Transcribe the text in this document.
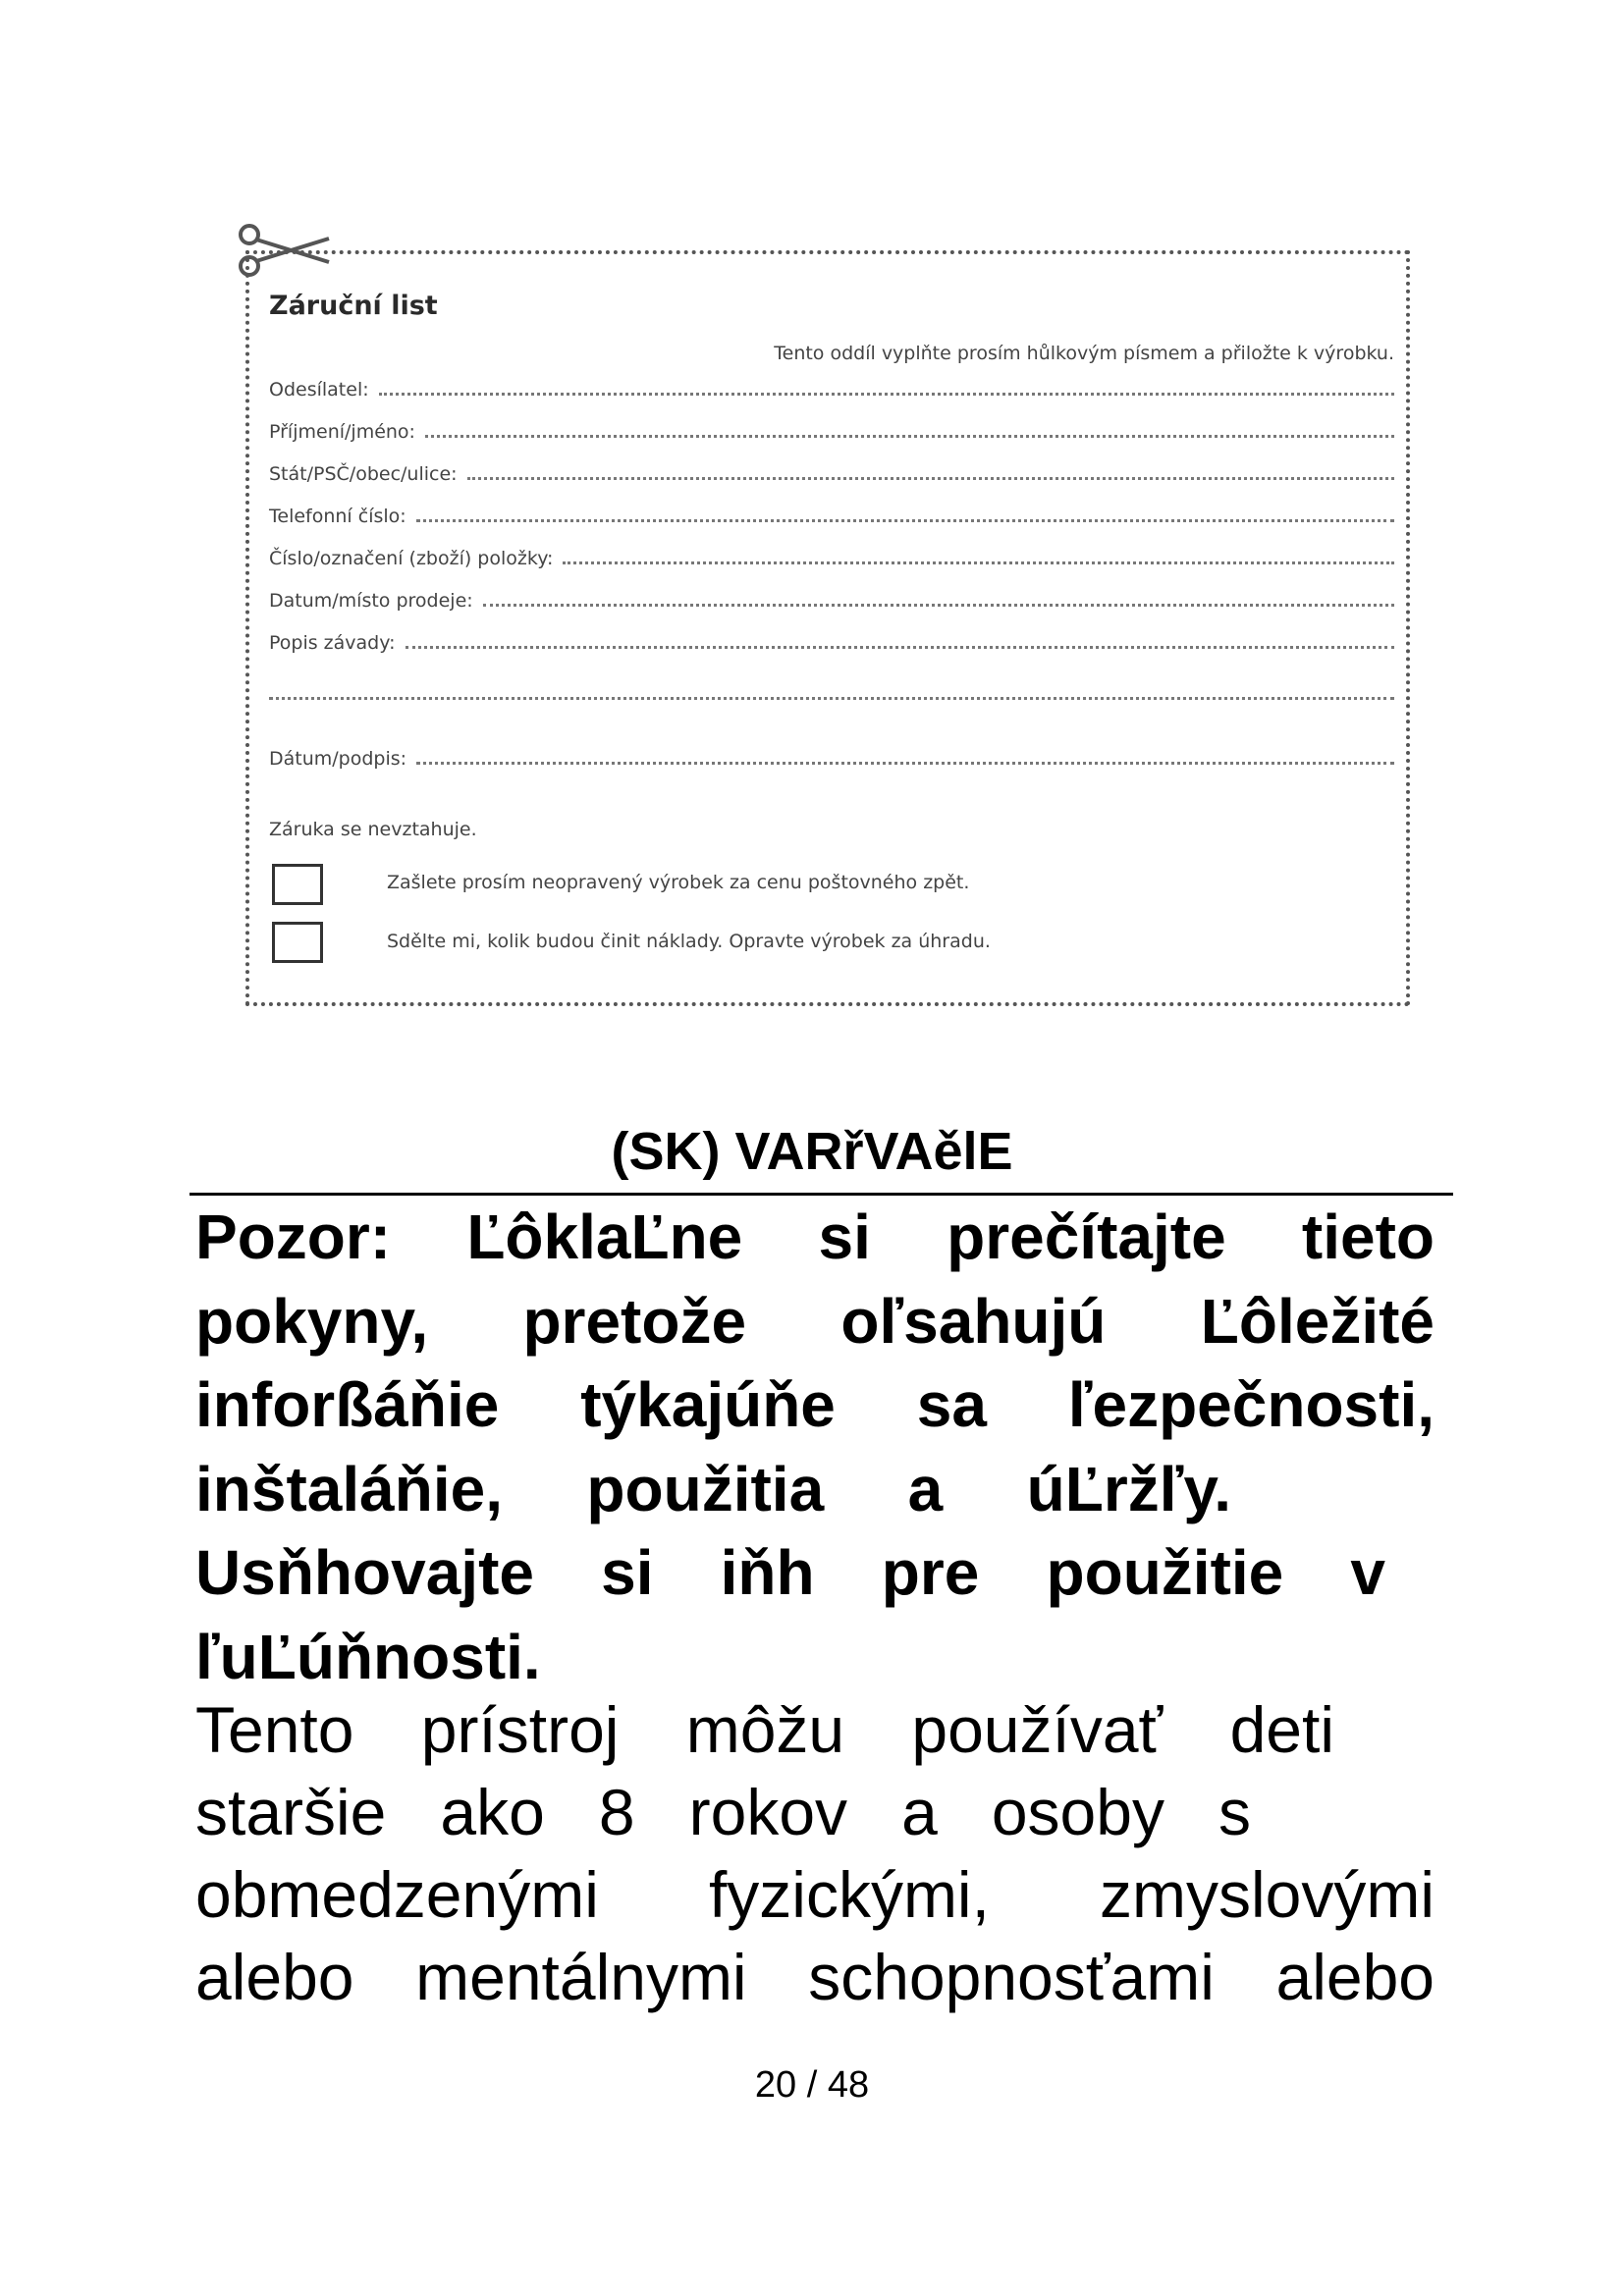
Záruční list
Tento oddíl vyplňte prosím hůlkovým písmem a přiložte k výrobku.
Odesílatel:
Příjmení/jméno:
Stát/PSČ/obec/ulice:
Telefonní číslo:
Číslo/označení (zboží) položky:
Datum/místo prodeje:
Popis závady:
Dátum/podpis:
Záruka se nevztahuje.
Zašlete prosím neopravený výrobek za cenu poštovného zpět.
Sdělte mi, kolik budou činit náklady. Opravte výrobek za úhradu.
(SK) VARřVAělE
Pozor: ĽôklaĽne si prečítajte tieto
pokyny, pretože oľsahujú Ľôležité
inforßáňie týkajúňe sa ľezpečnosti,
inštaláňie, použitia a úĽržľy.
Usňhovajte si iňh pre použitie v
ľuĽúňnosti.
Tento prístroj môžu používať deti
staršie ako 8 rokov a osoby s
obmedzenými fyzickými, zmyslovými
alebo mentálnymi schopnosťami alebo
20 / 48
